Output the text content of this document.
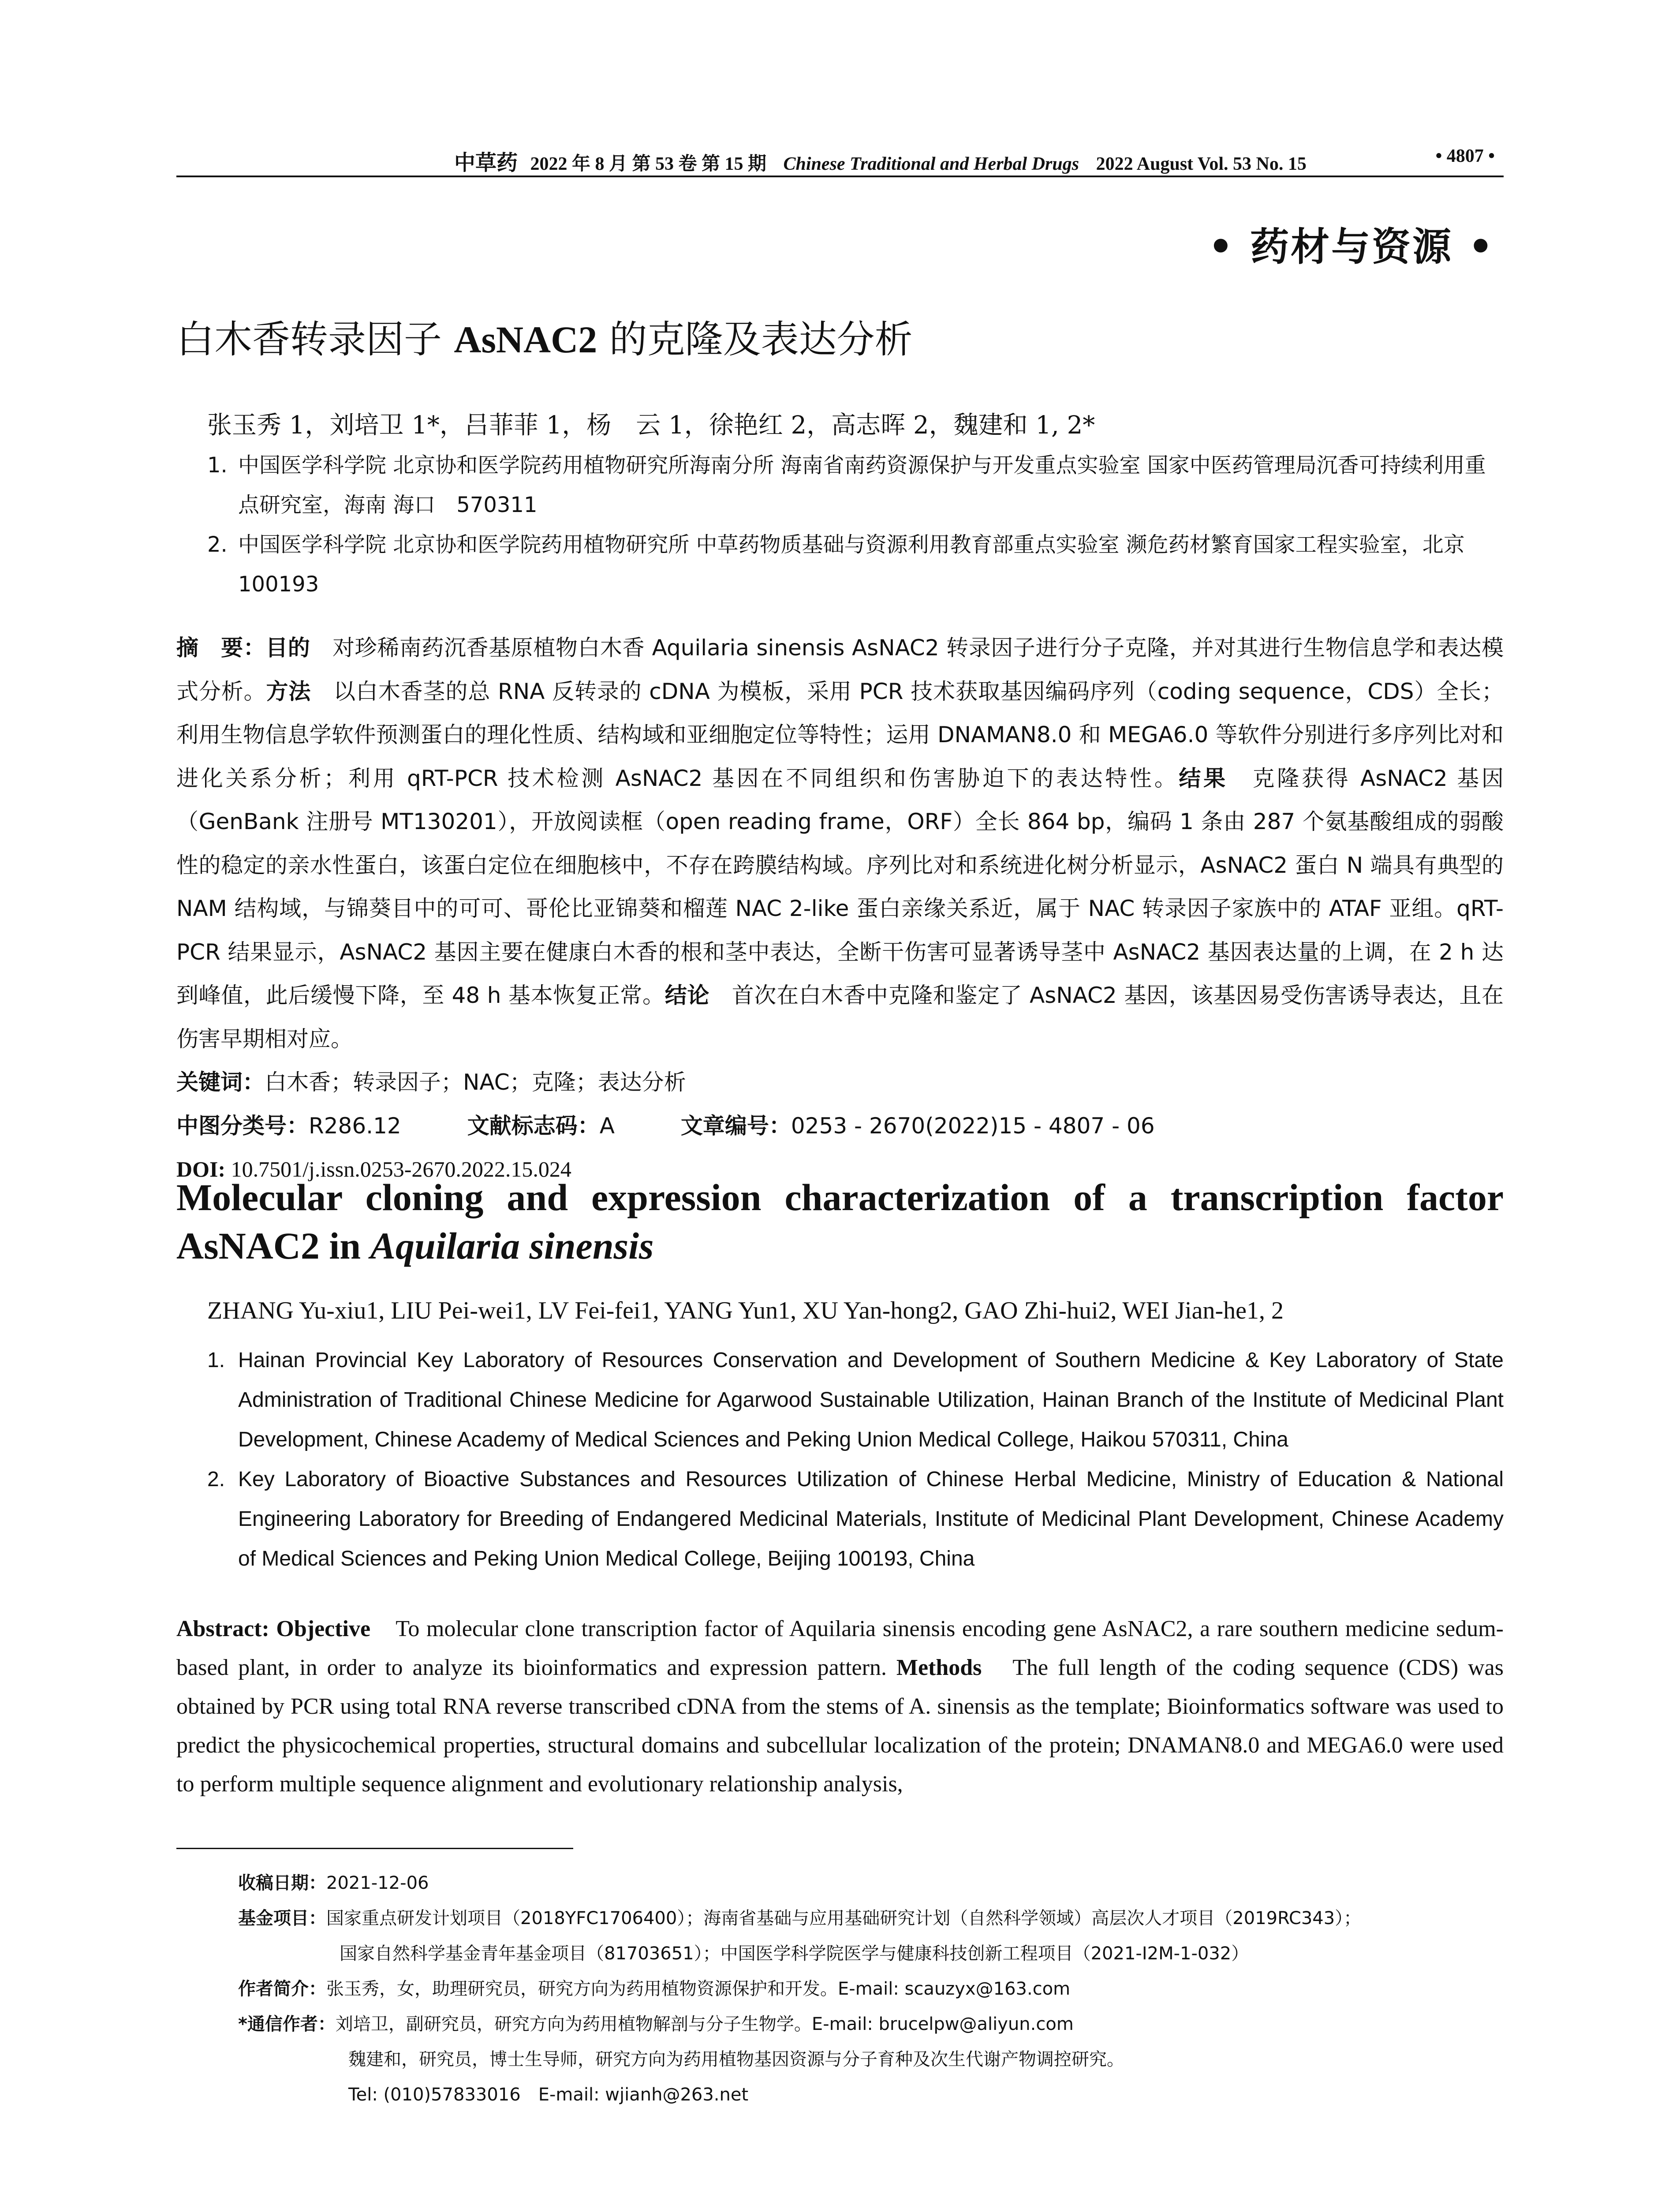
中草药 2022 年 8 月 第 53 卷 第 15 期 Chinese Traditional and Herbal Drugs 2022 August Vol. 53 No. 15	• 4807 •
• 药材与资源 •
白木香转录因子 AsNAC2 的克隆及表达分析
张玉秀 1，刘培卫 1*，吕菲菲 1，杨　云 1，徐艳红 2，高志晖 2，魏建和 1, 2*
1. 中国医学科学院 北京协和医学院药用植物研究所海南分所 海南省南药资源保护与开发重点实验室 国家中医药管理局沉香可持续利用重点研究室，海南 海口　570311
2. 中国医学科学院 北京协和医学院药用植物研究所 中草药物质基础与资源利用教育部重点实验室 濒危药材繁育国家工程实验室，北京　100193

摘　要：目的　对珍稀南药沉香基原植物白木香 Aquilaria sinensis AsNAC2 转录因子进行分子克隆，并对其进行生物信息学和表达模式分析。方法　以白木香茎的总 RNA 反转录的 cDNA 为模板，采用 PCR 技术获取基因编码序列（coding sequence，CDS）全长；利用生物信息学软件预测蛋白的理化性质、结构域和亚细胞定位等特性；运用 DNAMAN8.0 和 MEGA6.0 等软件分别进行多序列比对和进化关系分析；利用 qRT-PCR 技术检测 AsNAC2 基因在不同组织和伤害胁迫下的表达特性。结果　克隆获得 AsNAC2 基因（GenBank 注册号 MT130201），开放阅读框（open reading frame，ORF）全长 864 bp，编码 1 条由 287 个氨基酸组成的弱酸性的稳定的亲水性蛋白，该蛋白定位在细胞核中，不存在跨膜结构域。序列比对和系统进化树分析显示，AsNAC2 蛋白 N 端具有典型的 NAM 结构域，与锦葵目中的可可、哥伦比亚锦葵和榴莲 NAC 2-like 蛋白亲缘关系近，属于 NAC 转录因子家族中的 ATAF 亚组。qRT-PCR 结果显示，AsNAC2 基因主要在健康白木香的根和茎中表达，全断干伤害可显著诱导茎中 AsNAC2 基因表达量的上调，在 2 h 达到峰值，此后缓慢下降，至 48 h 基本恢复正常。结论　首次在白木香中克隆和鉴定了 AsNAC2 基因，该基因易受伤害诱导表达，且在伤害早期相对应。

关键词：白木香；转录因子；NAC；克隆；表达分析

中图分类号：R286.12	文献标志码：A	文章编号：0253 - 2670(2022)15 - 4807 - 06

DOI: 10.7501/j.issn.0253-2670.2022.15.024

Molecular cloning and expression characterization of a transcription factor AsNAC2 in Aquilaria sinensis
ZHANG Yu-xiu1, LIU Pei-wei1, LV Fei-fei1, YANG Yun1, XU Yan-hong2, GAO Zhi-hui2, WEI Jian-he1, 2
1. Hainan Provincial Key Laboratory of Resources Conservation and Development of Southern Medicine & Key Laboratory of State Administration of Traditional Chinese Medicine for Agarwood Sustainable Utilization, Hainan Branch of the Institute of Medicinal Plant Development, Chinese Academy of Medical Sciences and Peking Union Medical College, Haikou 570311, China
2. Key Laboratory of Bioactive Substances and Resources Utilization of Chinese Herbal Medicine, Ministry of Education & National Engineering Laboratory for Breeding of Endangered Medicinal Materials, Institute of Medicinal Plant Development, Chinese Academy of Medical Sciences and Peking Union Medical College, Beijing 100193, China
Abstract: Objective　To molecular clone transcription factor of Aquilaria sinensis encoding gene AsNAC2, a rare southern medicine sedum-based plant, in order to analyze its bioinformatics and expression pattern. Methods　The full length of the coding sequence (CDS) was obtained by PCR using total RNA reverse transcribed cDNA from the stems of A. sinensis as the template; Bioinformatics software was used to predict the physicochemical properties, structural domains and subcellular localization of the protein; DNAMAN8.0 and MEGA6.0 were used to perform multiple sequence alignment and evolutionary relationship analysis,
收稿日期：2021-12-06
基金项目：国家重点研发计划项目（2018YFC1706400）；海南省基础与应用基础研究计划（自然科学领域）高层次人才项目（2019RC343）；
国家自然科学基金青年基金项目（81703651）；中国医学科学院医学与健康科技创新工程项目（2021-I2M-1-032）
作者简介：张玉秀，女，助理研究员，研究方向为药用植物资源保护和开发。E-mail: scauzyx@163.com
*通信作者：刘培卫，副研究员，研究方向为药用植物解剖与分子生物学。E-mail: brucelpw@aliyun.com
魏建和，研究员，博士生导师，研究方向为药用植物基因资源与分子育种及次生代谢产物调控研究。
Tel: (010)57833016　E-mail: wjianh@263.net
